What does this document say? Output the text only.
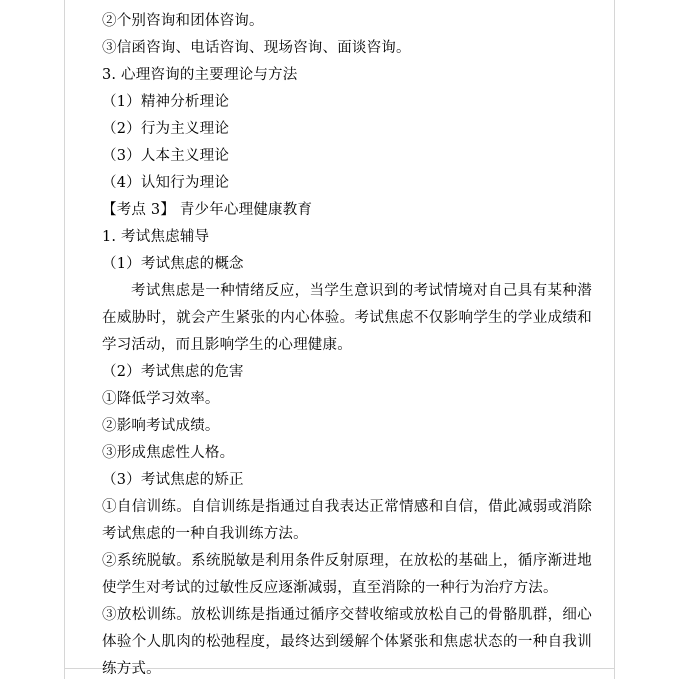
②个别咨询和团体咨询。
③信函咨询、电话咨询、现场咨询、面谈咨询。
3. 心理咨询的主要理论与方法
（1）精神分析理论
（2）行为主义理论
（3）人本主义理论
（4）认知行为理论
【考点 3】 青少年心理健康教育
1. 考试焦虑辅导
（1）考试焦虑的概念
考试焦虑是一种情绪反应，当学生意识到的考试情境对自己具有某种潜在威胁时，就会产生紧张的内心体验。考试焦虑不仅影响学生的学业成绩和学习活动，而且影响学生的心理健康。
（2）考试焦虑的危害
①降低学习效率。
②影响考试成绩。
③形成焦虑性人格。
（3）考试焦虑的矫正
①自信训练。自信训练是指通过自我表达正常情感和自信，借此减弱或消除考试焦虑的一种自我训练方法。
②系统脱敏。系统脱敏是利用条件反射原理，在放松的基础上，循序渐进地使学生对考试的过敏性反应逐渐减弱，直至消除的一种行为治疗方法。
③放松训练。放松训练是指通过循序交替收缩或放松自己的骨骼肌群，细心体验个人肌肉的松弛程度，最终达到缓解个体紧张和焦虑状态的一种自我训练方式。
